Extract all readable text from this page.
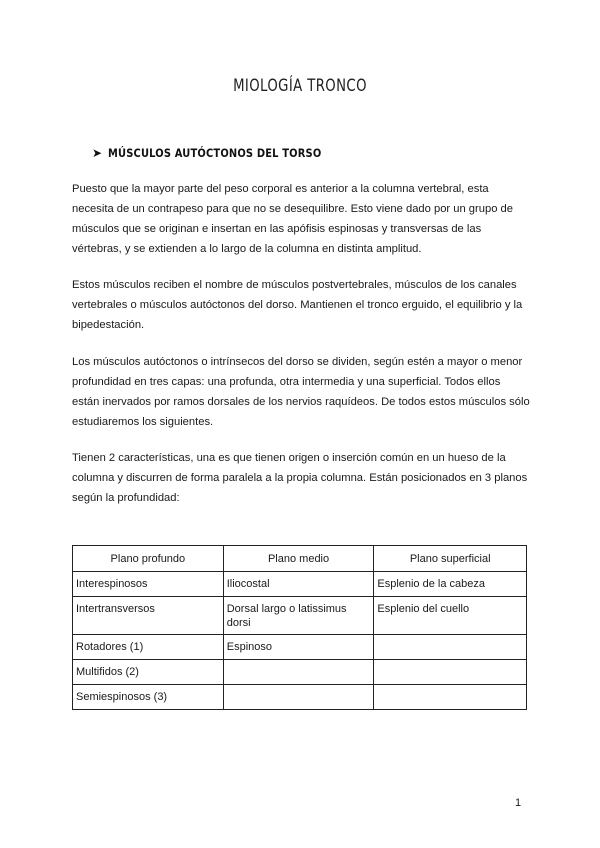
MIOLOGÍA TRONCO
➤ MÚSCULOS AUTÓCTONOS DEL TORSO

Puesto que la mayor parte del peso corporal es anterior a la columna vertebral, esta necesita de un contrapeso para que no se desequilibre. Esto viene dado por un grupo de músculos que se originan e insertan en las apófisis espinosas y transversas de las vértebras, y se extienden a lo largo de la columna en distinta amplitud.

Estos músculos reciben el nombre de músculos postvertebrales, músculos de los canales vertebrales o músculos autóctonos del dorso. Mantienen el tronco erguido, el equilibrio y la bipedestación.

Los músculos autóctonos o intrínsecos del dorso se dividen, según estén a mayor o menor profundidad en tres capas: una profunda, otra intermedia y una superficial. Todos ellos están inervados por ramos dorsales de los nervios raquídeos. De todos estos músculos sólo estudiaremos los siguientes.

Tienen 2 características, una es que tienen origen o inserción común en un hueso de la columna y discurren de forma paralela a la propia columna. Están posicionados en 3 planos según la profundidad:

Plano profundo	Plano medio	Plano superficial
Interespinosos	Iliocostal	Esplenio de la cabeza
Intertransversos	Dorsal largo o latissimus dorsi	Esplenio del cuello
Rotadores (1)	Espinoso	
Multifidos (2)		
Semiespinosos (3)		
1
